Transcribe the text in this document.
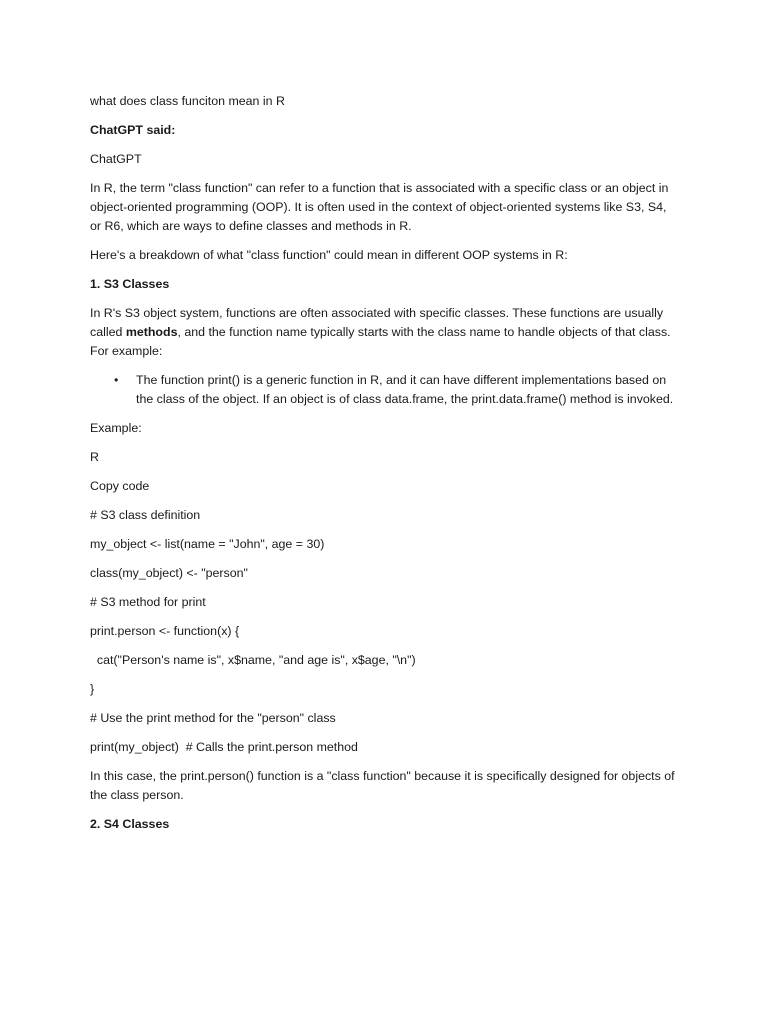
what does class funciton mean in R

ChatGPT said:

ChatGPT

In R, the term "class function" can refer to a function that is associated with a specific class or an object in object-oriented programming (OOP). It is often used in the context of object-oriented systems like S3, S4, or R6, which are ways to define classes and methods in R.

Here's a breakdown of what "class function" could mean in different OOP systems in R:

1. S3 Classes

In R's S3 object system, functions are often associated with specific classes. These functions are usually called methods, and the function name typically starts with the class name to handle objects of that class. For example:

• The function print() is a generic function in R, and it can have different implementations based on the class of the object. If an object is of class data.frame, the print.data.frame() method is invoked.

Example:

R

Copy code

# S3 class definition

my_object <- list(name = "John", age = 30)

class(my_object) <- "person"

# S3 method for print

print.person <- function(x) {

cat("Person's name is", x$name, "and age is", x$age, "\n")

}

# Use the print method for the "person" class

print(my_object)  # Calls the print.person method

In this case, the print.person() function is a "class function" because it is specifically designed for objects of the class person.

2. S4 Classes
